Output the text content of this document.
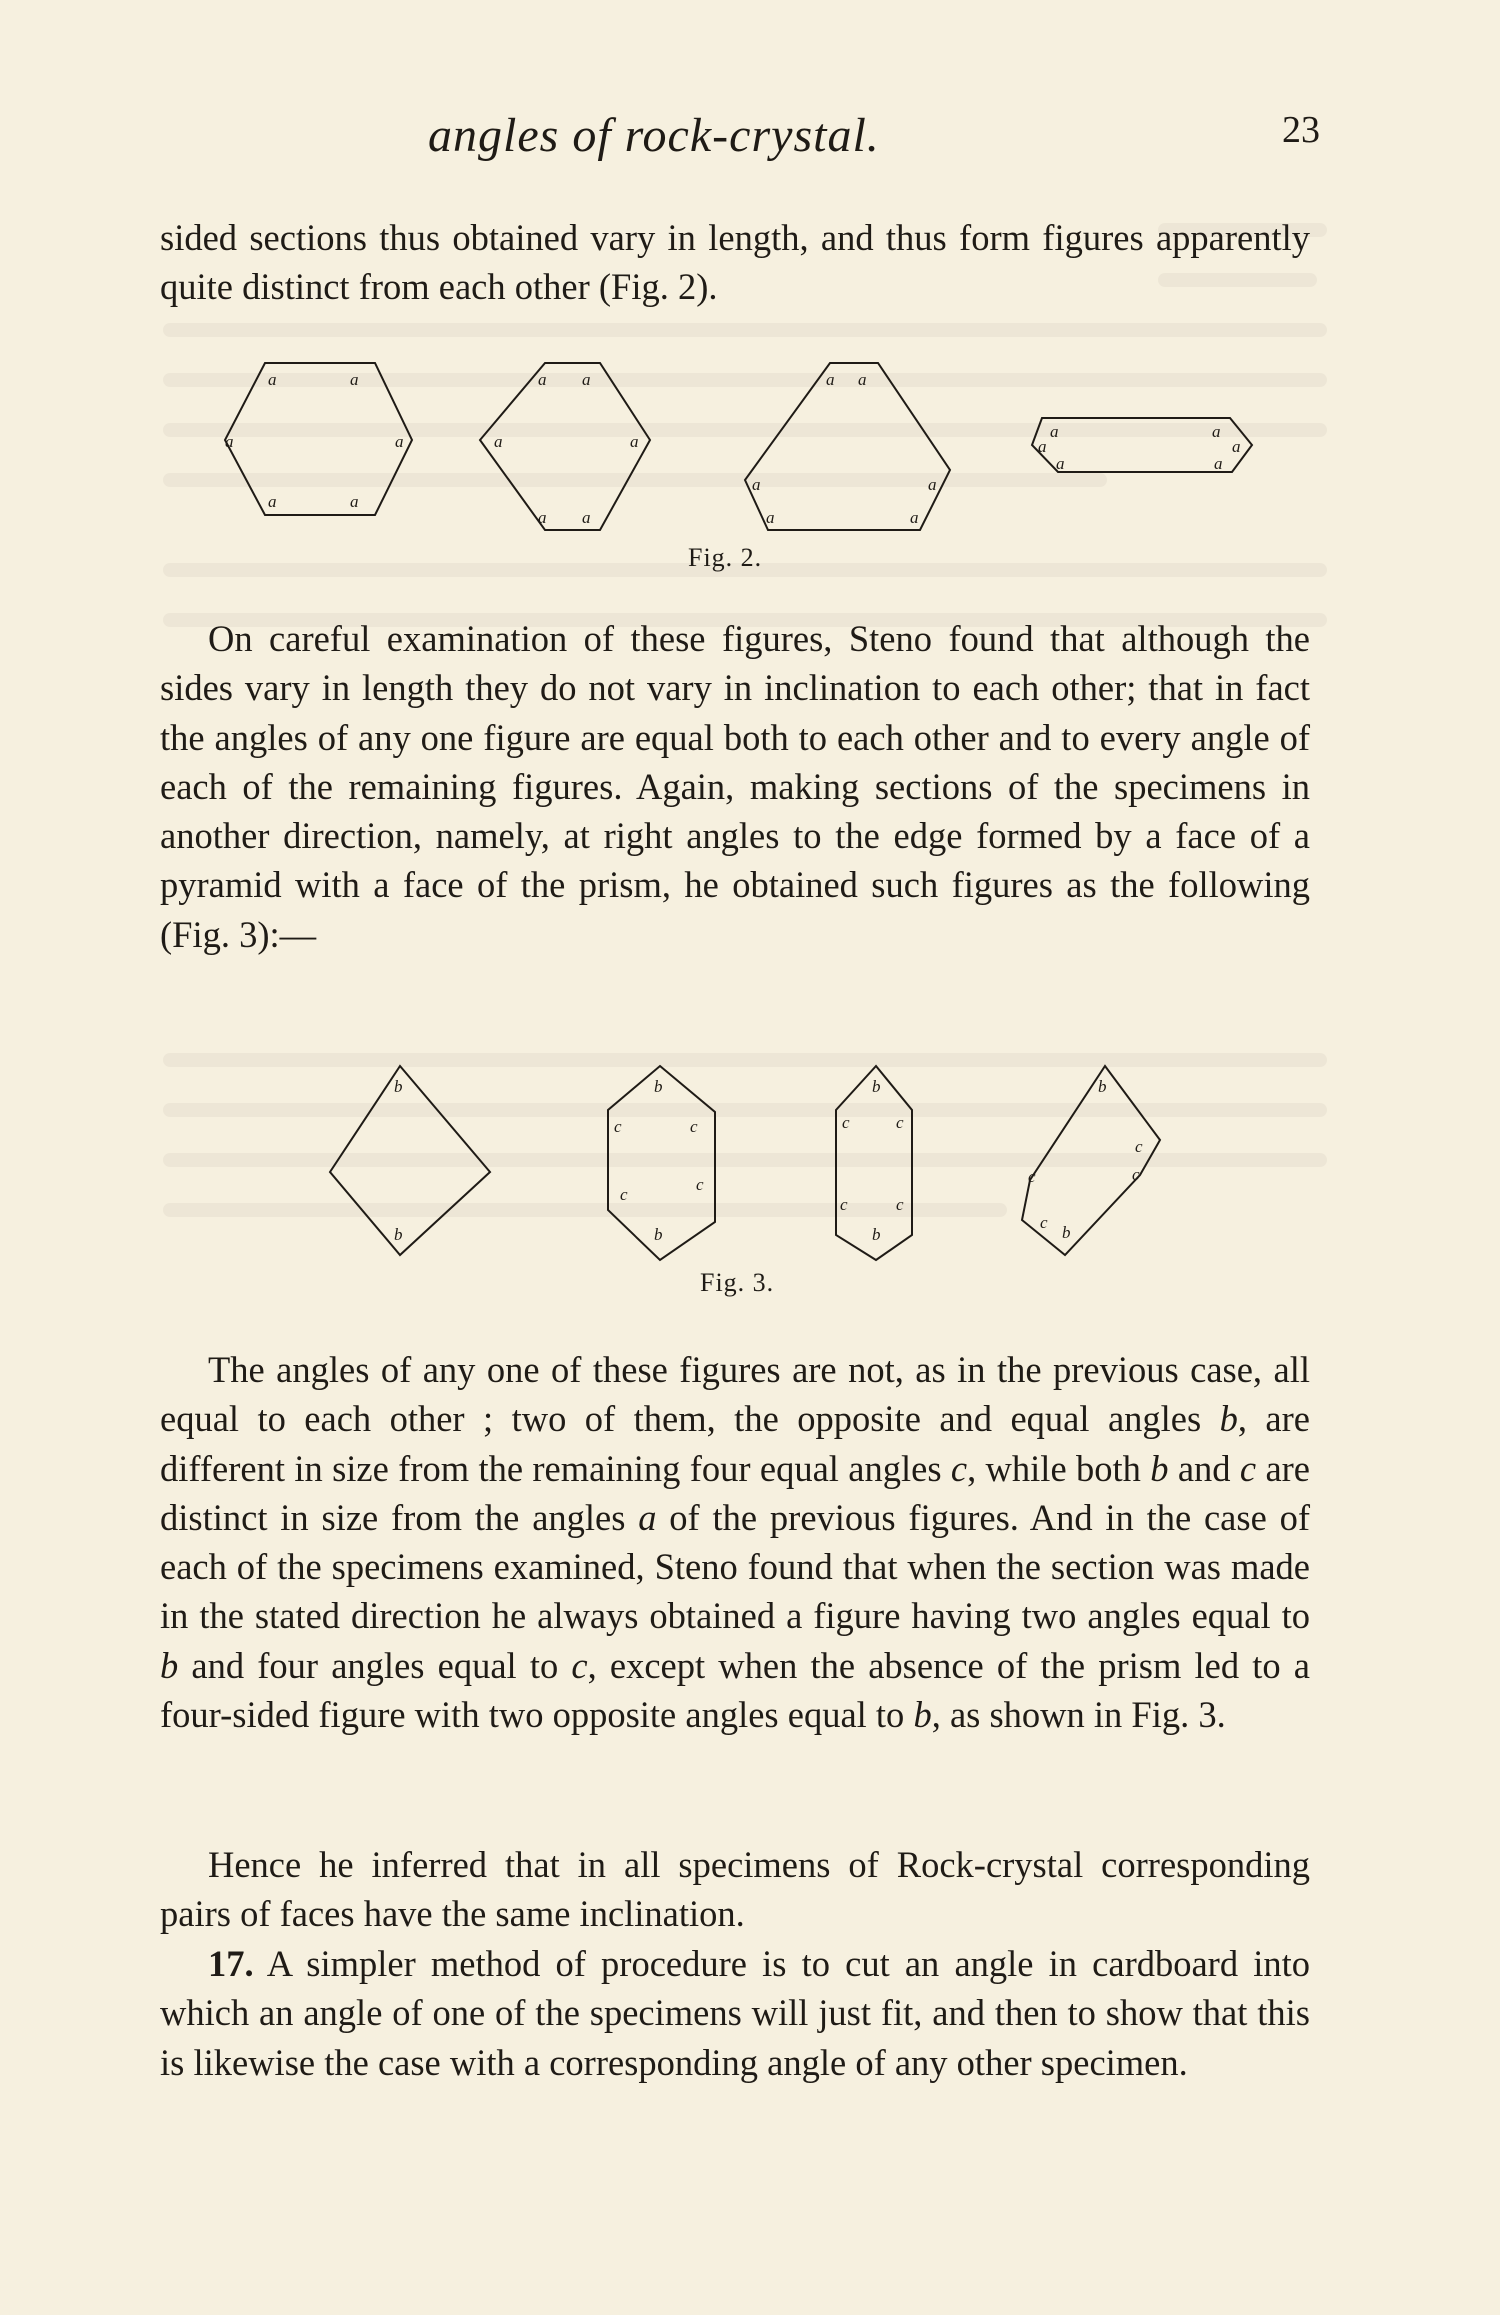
angles of rock-crystal.	23

sided sections thus obtained vary in length, and thus form figures apparently quite distinct from each other (Fig. 2).

a	a
a	a
a	a
a a
a	a
a a
a a
a	a
a	a
a	a
a	a
a	a
Fig. 2.

On careful examination of these figures, Steno found that although the sides vary in length they do not vary in inclination to each other; that in fact the angles of any one figure are equal both to each other and to every angle of each of the remaining figures. Again, making sections of the specimens in another direction, namely, at right angles to the edge formed by a face of a pyramid with a face of the prism, he obtained such figures as the following (Fig. 3):—

b
b
b
c	c
c
c
b
b
c	c
c	c
b
b
c
c
c
c
b
Fig. 3.

The angles of any one of these figures are not, as in the previous case, all equal to each other ; two of them, the opposite and equal angles b, are different in size from the remaining four equal angles c, while both b and c are distinct in size from the angles a of the previous figures. And in the case of each of the specimens examined, Steno found that when the section was made in the stated direction he always obtained a figure having two angles equal to b and four angles equal to c, except when the absence of the prism led to a four-sided figure with two opposite angles equal to b, as shown in Fig. 3.

Hence he inferred that in all specimens of Rock-crystal corresponding pairs of faces have the same inclination.

17. A simpler method of procedure is to cut an angle in cardboard into which an angle of one of the specimens will just fit, and then to show that this is likewise the case with a corresponding angle of any other specimen.
